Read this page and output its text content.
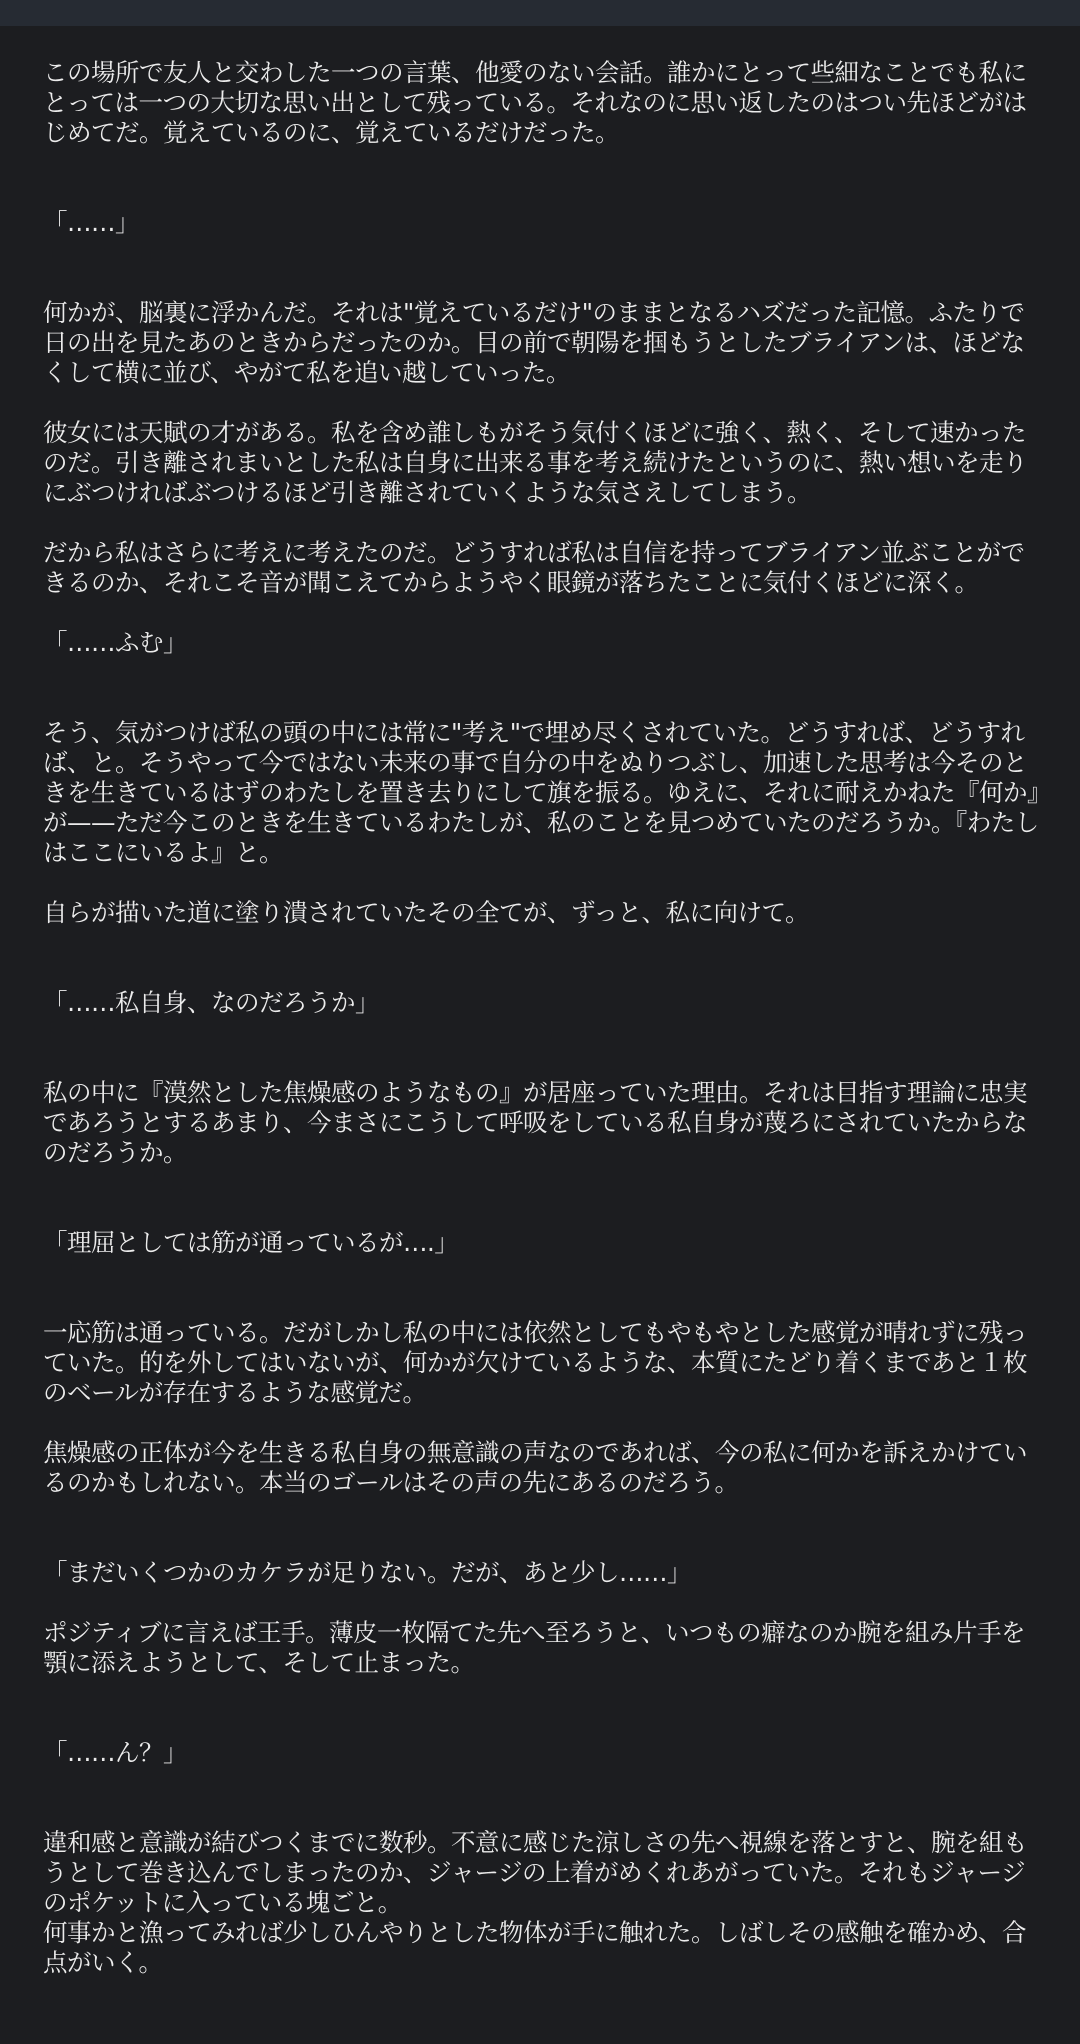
この場所で友人と交わした一つの言葉、他愛のない会話。誰かにとって些細なことでも私にとっては一つの大切な思い出として残っている。それなのに思い返したのはつい先ほどがはじめてだ。覚えているのに、覚えているだけだった。

「……」

何かが、脳裏に浮かんだ。それは"覚えているだけ"のままとなるハズだった記憶。ふたりで日の出を見たあのときからだったのか。目の前で朝陽を掴もうとしたブライアンは、ほどなくして横に並び、やがて私を追い越していった。

彼女には天賦の才がある。私を含め誰しもがそう気付くほどに強く、熱く、そして速かったのだ。引き離されまいとした私は自身に出来る事を考え続けたというのに、熱い想いを走りにぶつければぶつけるほど引き離されていくような気さえしてしまう。

だから私はさらに考えに考えたのだ。どうすれば私は自信を持ってブライアン並ぶことができるのか、それこそ音が聞こえてからようやく眼鏡が落ちたことに気付くほどに深く。

「……ふむ」

そう、気がつけば私の頭の中には常に"考え"で埋め尽くされていた。どうすれば、どうすれば、と。そうやって今ではない未来の事で自分の中をぬりつぶし、加速した思考は今そのときを生きているはずのわたしを置き去りにして旗を振る。ゆえに、それに耐えかねた『何か』が——ただ今このときを生きているわたしが、私のことを見つめていたのだろうか。『わたしはここにいるよ』と。

自らが描いた道に塗り潰されていたその全てが、ずっと、私に向けて。

「……私自身、なのだろうか」

私の中に『漠然とした焦燥感のようなもの』が居座っていた理由。それは目指す理論に忠実であろうとするあまり、今まさにこうして呼吸をしている私自身が蔑ろにされていたからなのだろうか。

「理屈としては筋が通っているが….」

一応筋は通っている。だがしかし私の中には依然としてもやもやとした感覚が晴れずに残っていた。的を外してはいないが、何かが欠けているような、本質にたどり着くまであと１枚のベールが存在するような感覚だ。

焦燥感の正体が今を生きる私自身の無意識の声なのであれば、今の私に何かを訴えかけているのかもしれない。本当のゴールはその声の先にあるのだろう。

「まだいくつかのカケラが足りない。だが、あと少し……」

ポジティブに言えば王手。薄皮一枚隔てた先へ至ろうと、いつもの癖なのか腕を組み片手を顎に添えようとして、そして止まった。

「……ん？」

違和感と意識が結びつくまでに数秒。不意に感じた涼しさの先へ視線を落とすと、腕を組もうとして巻き込んでしまったのか、ジャージの上着がめくれあがっていた。それもジャージのポケットに入っている塊ごと。

何事かと漁ってみれば少しひんやりとした物体が手に触れた。しばしその感触を確かめ、合点がいく。
